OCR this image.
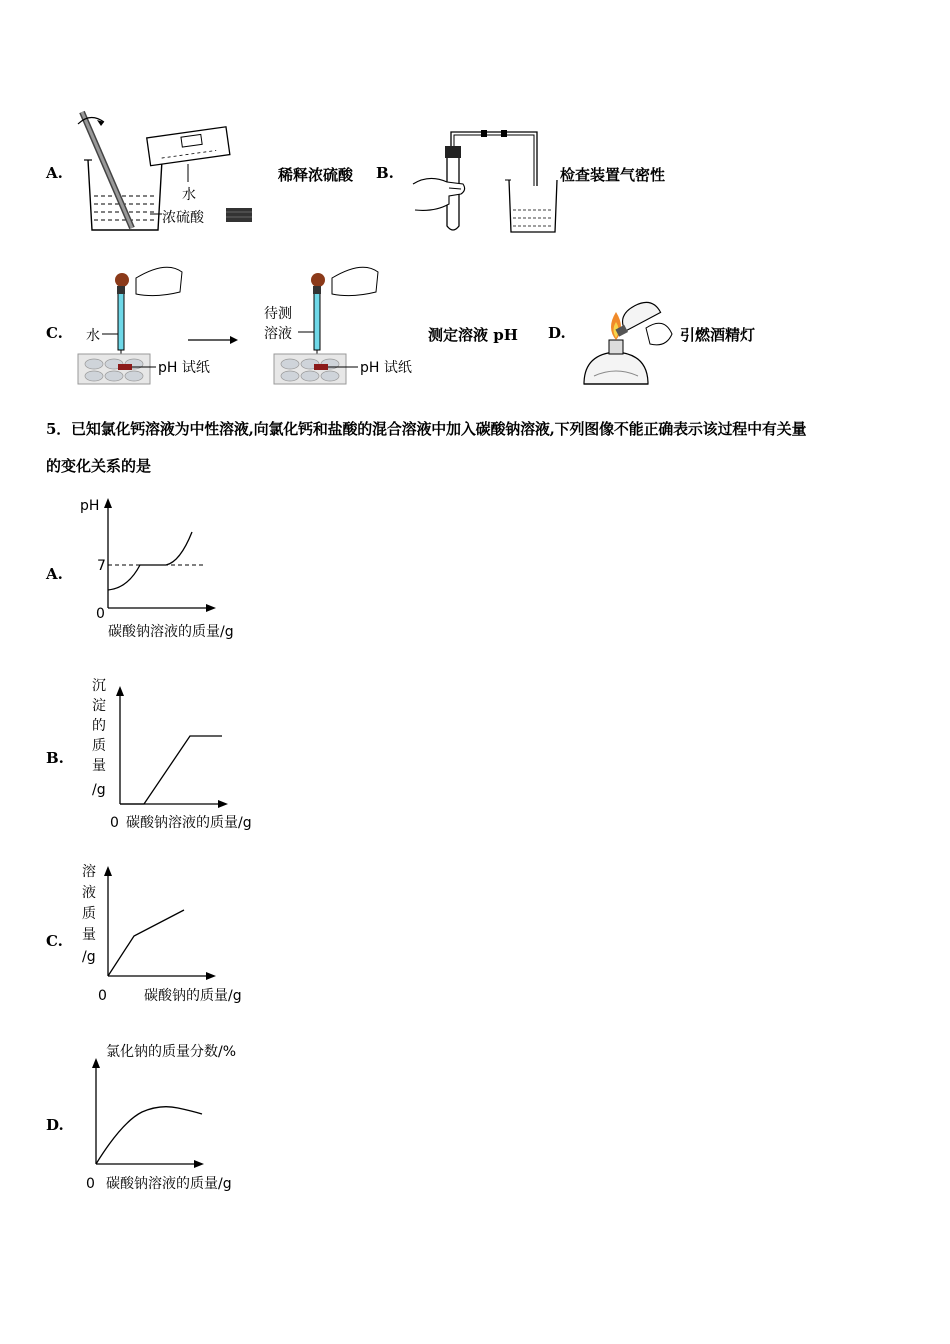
A.
水
浓硫酸
稀释浓硫酸 B.	检查装置气密性
C. 水
pH 试纸
待测
溶液
pH 试纸
测定溶液 pH D.	引燃酒精灯
5．已知氯化钙溶液为中性溶液,向氯化钙和盐酸的混合溶液中加入碳酸钠溶液,下列图像不能正确表示该过程中有关量
的变化关系的是
A.
pH
7
0
碳酸钠溶液的质量/g
B.
沉
淀
的
质
量
/g
0 碳酸钠溶液的质量/g
C.
溶
液
质
量
/g
0	碳酸钠的质量/g
D.
氯化钠的质量分数/%
0 碳酸钠溶液的质量/g
